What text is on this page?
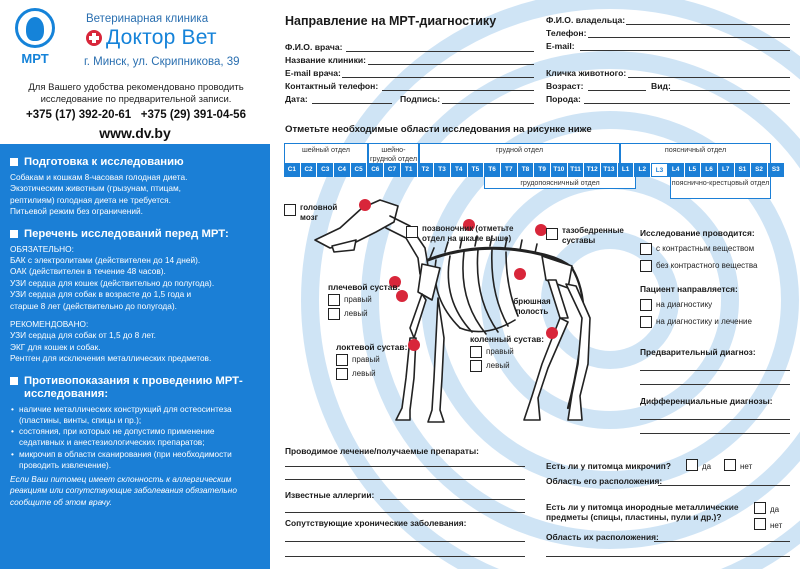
МРТ
Ветеринарная клиника
Доктор Вет
г. Минск, ул. Скрипникова, 39
Для Вашего удобства рекомендовано проводить исследование по предварительной записи.
+375 (17) 392-20-61 +375 (29) 391-04-56
www.dv.by
Подготовка к исследованию
Собакам и кошкам 8-часовая голодная диета.
Экзотическим животным (грызунам, птицам,
рептилиям) голодная диета не требуется.
Питьевой режим без ограничений.
Перечень исследований перед МРТ:
ОБЯЗАТЕЛЬНО:
БАК с электролитами (действителен до 14 дней).
ОАК (действителен в течение 48 часов).
УЗИ сердца для кошек (действительно до полугода).
УЗИ сердца для собак в возрасте до 1,5 года и
старше 8 лет (действительно до полугода).
РЕКОМЕНДОВАНО:
УЗИ сердца для собак от 1,5 до 8 лет.
ЭКГ для кошек и собак.
Рентген для исключения металлических предметов.
Противопоказания к проведению МРТ-исследования:
• наличие металлических конструкций для остеосинтеза (пластины, винты, спицы и пр.);
• состояния, при которых не допустимо применение седативных и анестезиологических препаратов;
• микрочип в области сканирования (при необходимости проводить извлечение).
Если Ваш питомец имеет склонность к аллергическим реакциям или сопутствующие заболевания обязательно сообщите об этом врачу.
Направление на МРТ-диагностику
Ф.И.О. врача:
Название клиники:
E-mail врача:
Контактный телефон:
Дата:	Подпись:
Ф.И.О. владельца:
Телефон:
E-mail:
Кличка животного:
Возраст:	Вид:
Порода:
Отметьте необходимые области исследования на рисунке ниже
шейный отдел	шейно-грудной отдел
грудной отдел	поясничный отдел
C1	C2	C3	C4	C5	C6	C7	T1	T2	T3	T4	T5	T6	T7	T8	T9	T10 T11 T12 T13	L1	L2	L3	L4	L5	L6	L7	S1	S2	S3
грудопоясничный отдел	пояснично-крестцовый отдел
головной мозг
позвоночник (отметьте отдел на шкале выше)
тазобедренные суставы
плечевой сустав:
правый
левый
брюшная полость
коленный сустав:
правый
левый
локтевой сустав:
правый
левый
Исследование проводится:
с контрастным веществом
без контрастного вещества
Пациент направляется:
на диагностику
на диагностику и лечение
Предварительный диагноз:
Дифференциальные диагнозы:
Проводимое лечение/получаемые препараты:
Известные аллергии:
Сопутствующие хронические заболевания:
Есть ли у питомца микрочип?	да	нет
Область его расположения:
Есть ли у питомца инородные металлические предметы (спицы, пластины, пули и др.)?
да
нет
Область их расположения:
